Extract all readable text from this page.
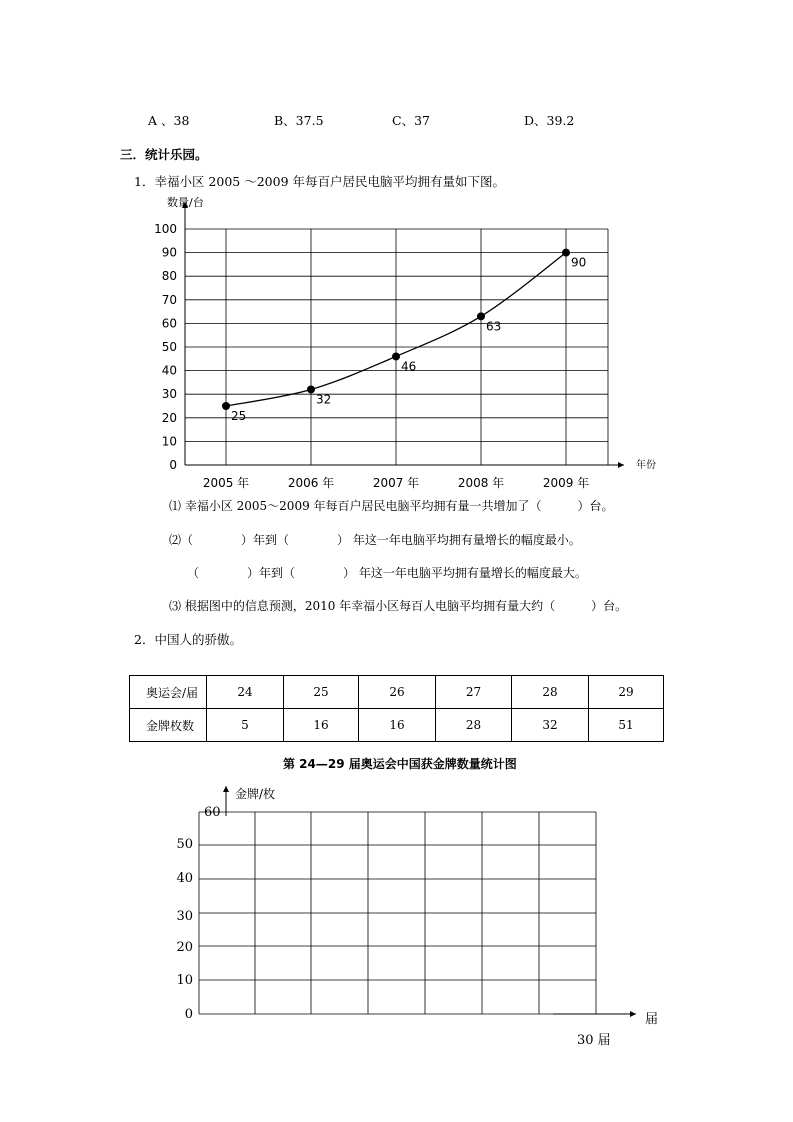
A 、38	B、37.5	C、37	D、39.2
三．统计乐园。
1．幸福小区 2005 ～2009 年每百户居民电脑平均拥有量如下图。
数量/台
年份
0
10
20
30
40
50
60
70
80
90
100
2005 年	2006 年	2007 年	2008 年	2009 年
25
32
46
63
90
⑴ 幸福小区 2005～2009 年每百户居民电脑平均拥有量一共增加了（　　　）台。
⑵（　　　　）年到（　　　　） 年这一年电脑平均拥有量增长的幅度最小。
（　　　　）年到（　　　　） 年这一年电脑平均拥有量增长的幅度最大。
⑶ 根据图中的信息预测，2010 年幸福小区每百人电脑平均拥有量大约（　　　）台。
2．中国人的骄傲。
奥运会/届	24	25	26	27	28	29
金牌枚数	5	16	16	28	32	51
第 24—29 届奥运会中国获金牌数量统计图
金牌/枚
届
30 届
0
10
20
30
40
50
60
